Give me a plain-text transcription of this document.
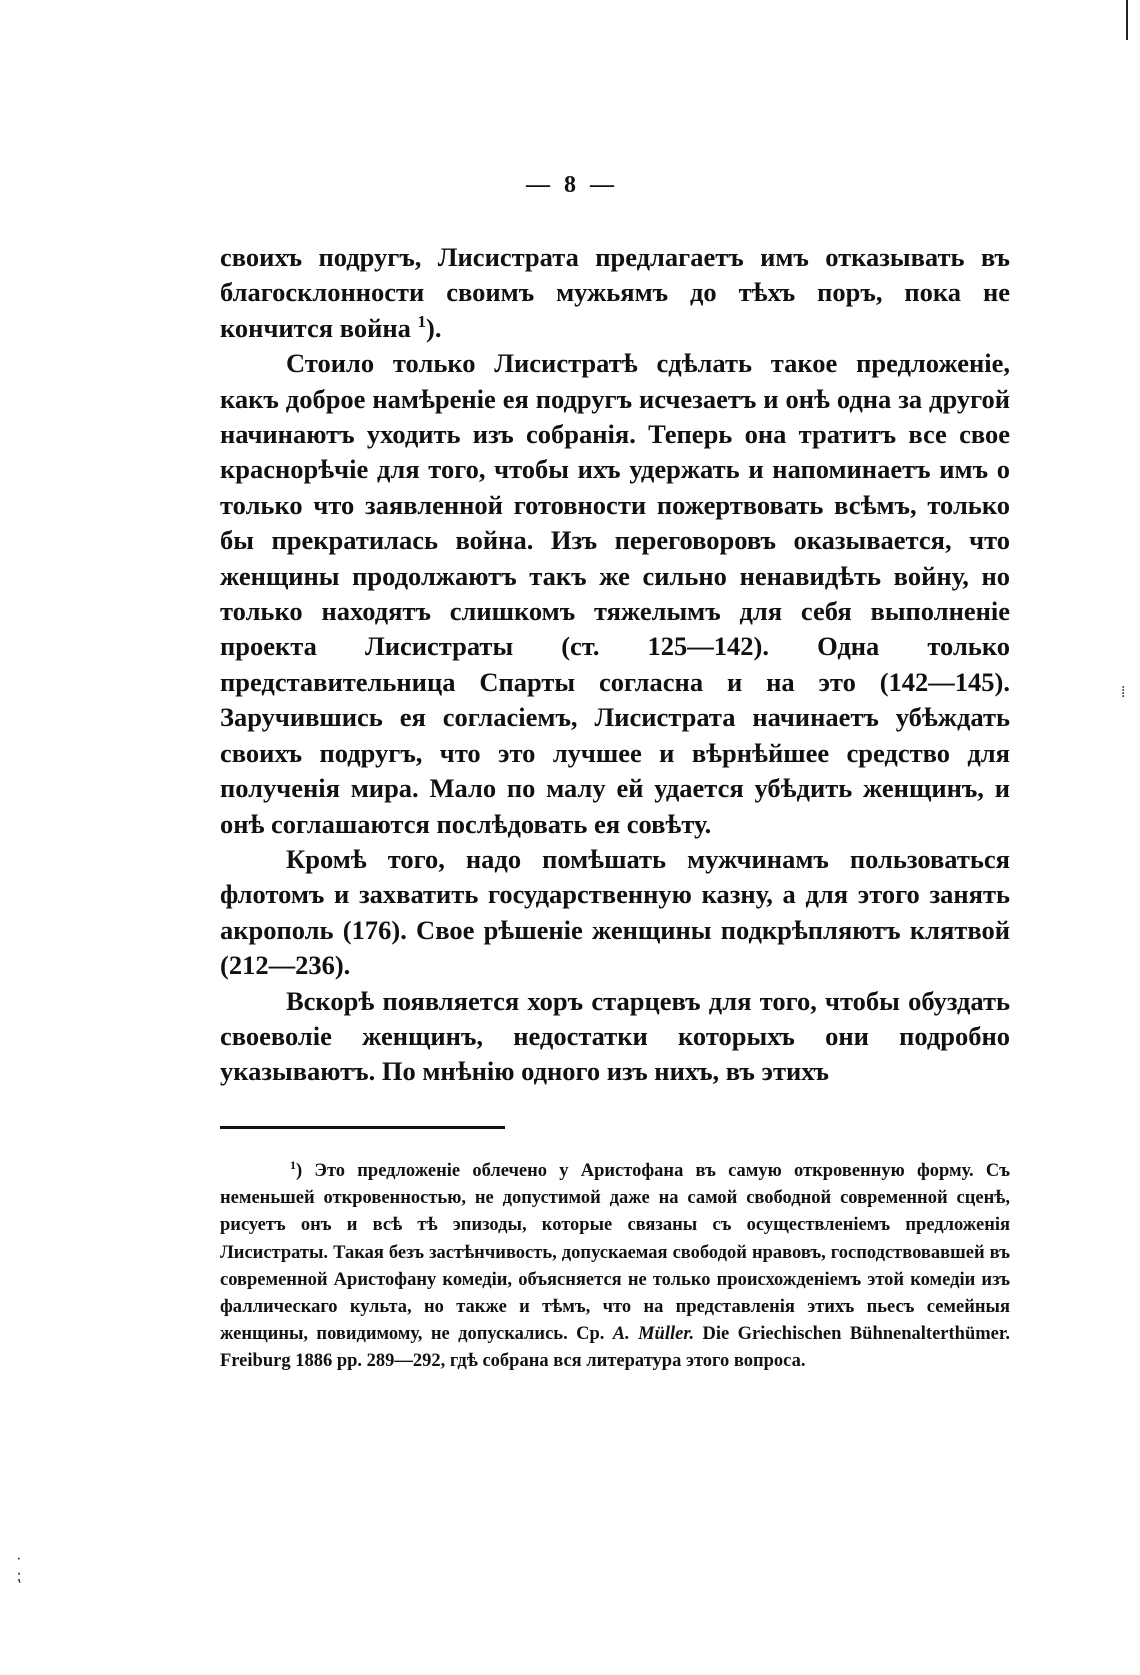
⁞
·
⁏
— 8 —

своихъ подругъ, Лисистрата предлагаетъ имъ отказывать въ благосклонности своимъ мужьямъ до тѣхъ поръ, пока не кончится война $^1$).

Стоило только Лисистратѣ сдѣлать такое предложеніе, какъ доброе намѣреніе ея подругъ исчезаетъ и онѣ одна за другой начинаютъ уходить изъ собранія. Теперь она тратитъ все свое краснорѣчіе для того, чтобы ихъ удержать и напоминаетъ имъ о только что заявленной готовности пожертвовать всѣмъ, только бы прекратилась война. Изъ переговоровъ оказывается, что женщины продолжаютъ такъ же сильно ненавидѣть войну, но только находятъ слишкомъ тяжелымъ для себя выполненіе проекта Лисистраты (ст. 125—142). Одна только представительница Спарты согласна и на это (142—145). Заручившись ея согласіемъ, Лисистрата начинаетъ убѣждать своихъ подругъ, что это лучшее и вѣрнѣйшее средство для полученія мира. Мало по малу ей удается убѣдить женщинъ, и онѣ соглашаются послѣдовать ея совѣту.

Кромѣ того, надо помѣшать мужчинамъ пользоваться флотомъ и захватить государственную казну, а для этого занять акрополь (176). Свое рѣшеніе женщины подкрѣпляютъ клятвой (212—236).

Вскорѣ появляется хоръ старцевъ для того, чтобы обуздать своеволіе женщинъ, недостатки которыхъ они подробно указываютъ. По мнѣнію одного изъ нихъ, въ этихъ

$^1$) Это предложеніе облечено у Аристофана въ самую откровенную форму. Съ неменьшей откровенностью, не допустимой даже на самой свободной современной сценѣ, рисуетъ онъ и всѣ тѣ эпизоды, которые связаны съ осуществленіемъ предложенія Лисистраты. Такая безъ застѣнчивость, допускаемая свободой нравовъ, господствовавшей въ современной Аристофану комедіи, объясняется не только происхожденіемъ этой комедіи изъ фаллическаго культа, но также и тѣмъ, что на представленія этихъ пьесъ семейныя женщины, повидимому, не допускались. Ср. A. Müller. Die Griechischen Bühnenalterthümer. Freiburg 1886 pp. 289—292, гдѣ собрана вся литература этого вопроса.
